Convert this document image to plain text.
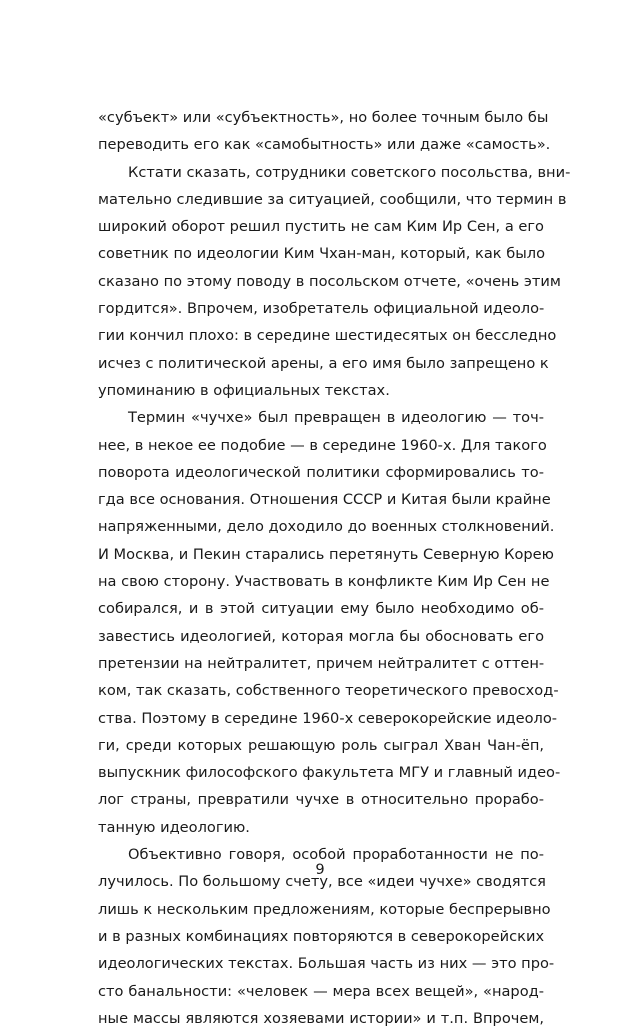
«субъект» или «субъектность», но более точным было бы
переводить его как «самобытность» или даже «самость».

Кстати сказать, сотрудники советского посольства, вни-
мательно следившие за ситуацией, сообщили, что термин в
широкий оборот решил пустить не сам Ким Ир Сен, а его
советник по идеологии Ким Чхан-ман, который, как было
сказано по этому поводу в посольском отчете, «очень этим
гордится». Впрочем, изобретатель официальной идеоло-
гии кончил плохо: в середине шестидесятых он бесследно
исчез с политической арены, а его имя было запрещено к
упоминанию в официальных текстах.

Термин «чучхе» был превращен в идеологию — точ-
нее, в некое ее подобие — в середине 1960-х. Для такого
поворота идеологической политики сформировались то-
гда все основания. Отношения СССР и Китая были крайне
напряженными, дело доходило до военных столкновений.
И Москва, и Пекин старались перетянуть Северную Корею
на свою сторону. Участвовать в конфликте Ким Ир Сен не
собирался, и в этой ситуации ему было необходимо об-
завестись идеологией, которая могла бы обосновать его
претензии на нейтралитет, причем нейтралитет с оттен-
ком, так сказать, собственного теоретического превосход-
ства. Поэтому в середине 1960-х северокорейские идеоло-
ги, среди которых решающую роль сыграл Хван Чан-ёп,
выпускник философского факультета МГУ и главный идео-
лог страны, превратили чучхе в относительно прорабо-
танную идеологию.

Объективно говоря, особой проработанности не по-
лучилось. По большому счету, все «идеи чучхе» сводятся
лишь к нескольким предложениям, которые беспрерывно
и в разных комбинациях повторяются в северокорейских
идеологических текстах. Большая часть из них — это про-
сто банальности: «человек — мера всех вещей», «народ-
ные массы являются хозяевами истории» и т.п. Впрочем,

9
